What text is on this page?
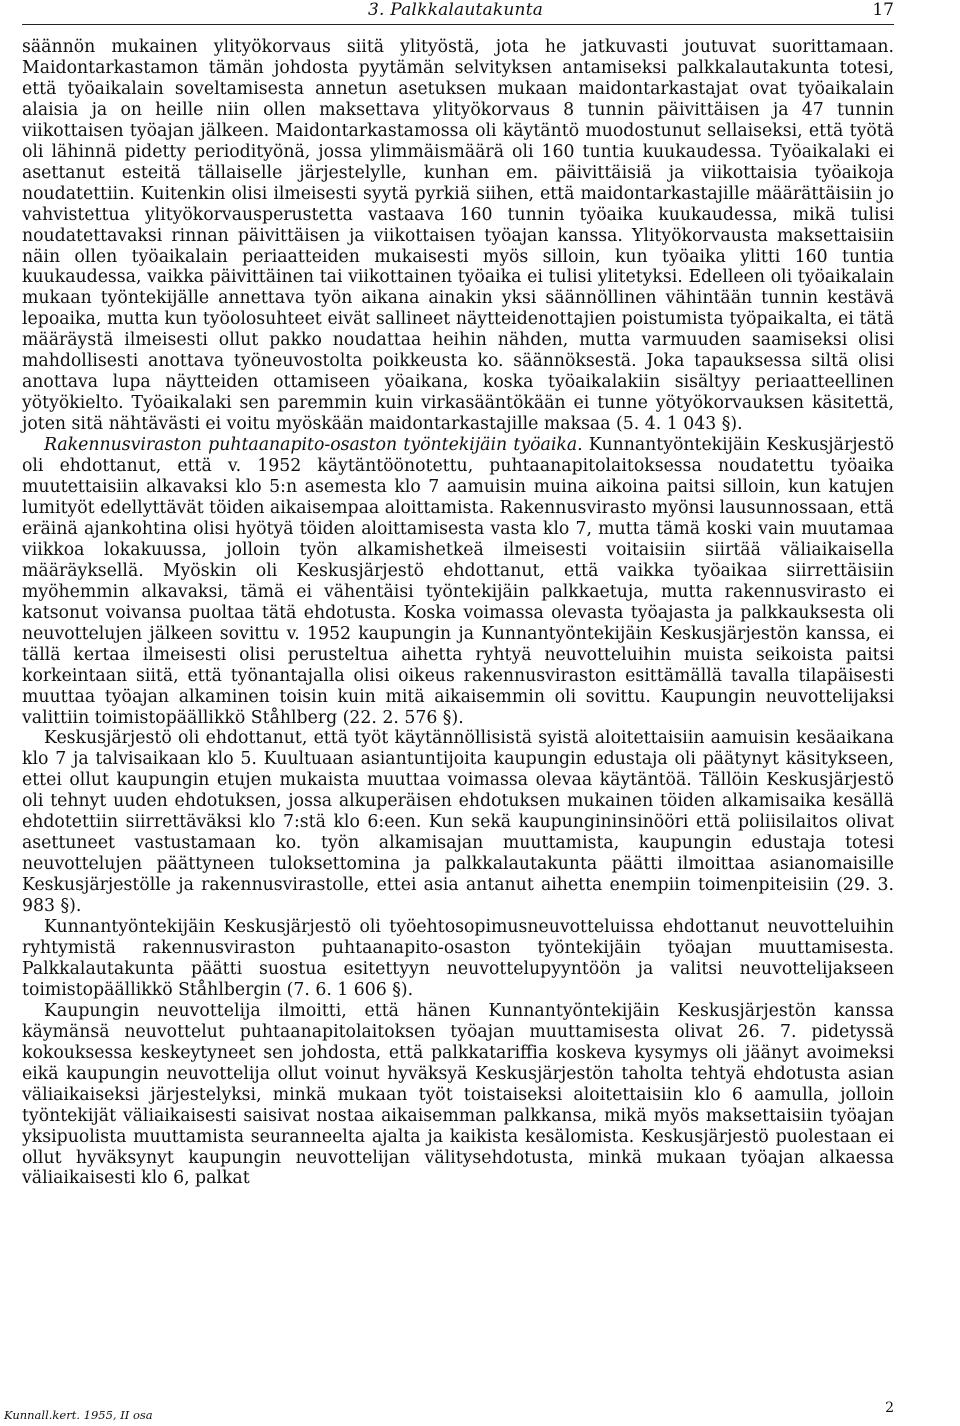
3. Palkkalautakunta	17

säännön mukainen ylityökorvaus siitä ylityöstä, jota he jatkuvasti joutuvat suorittamaan. Maidontarkastamon tämän johdosta pyytämän selvityksen antamiseksi palkkalautakunta totesi, että työaikalain soveltamisesta annetun asetuksen mukaan maidontarkastajat ovat työaikalain alaisia ja on heille niin ollen maksettava ylityökorvaus 8 tunnin päivittäisen ja 47 tunnin viikottaisen työajan jälkeen. Maidontarkastamossa oli käytäntö muodostunut sellaiseksi, että työtä oli lähinnä pidetty periodityönä, jossa ylimmäismäärä oli 160 tuntia kuukaudessa. Työaikalaki ei asettanut esteitä tällaiselle järjestelylle, kunhan em. päivittäisiä ja viikottaisia työaikoja noudatettiin. Kuitenkin olisi ilmeisesti syytä pyrkiä siihen, että maidontarkastajille määrättäisiin jo vahvistettua ylityökorvausperustetta vastaava 160 tunnin työaika kuukaudessa, mikä tulisi noudatettavaksi rinnan päivittäisen ja viikottaisen työajan kanssa. Ylityökorvausta maksettaisiin näin ollen työaikalain periaatteiden mukaisesti myös silloin, kun työaika ylitti 160 tuntia kuukaudessa, vaikka päivittäinen tai viikottainen työaika ei tulisi ylitetyksi. Edelleen oli työaikalain mukaan työntekijälle annettava työn aikana ainakin yksi säännöllinen vähintään tunnin kestävä lepoaika, mutta kun työolosuhteet eivät sallineet näytteidenottajien poistumista työpaikalta, ei tätä määräystä ilmeisesti ollut pakko noudattaa heihin nähden, mutta varmuuden saamiseksi olisi mahdollisesti anottava työneuvostolta poikkeusta ko. säännöksestä. Joka tapauksessa siltä olisi anottava lupa näytteiden ottamiseen yöaikana, koska työaikalakiin sisältyy periaatteellinen yötyökielto. Työaikalaki sen paremmin kuin virkasääntökään ei tunne yötyökorvauksen käsitettä, joten sitä nähtävästi ei voitu myöskään maidontarkastajille maksaa (5. 4. 1 043 §).

Rakennusviraston puhtaanapito-osaston työntekijäin työaika. Kunnantyöntekijäin Keskusjärjestö oli ehdottanut, että v. 1952 käytäntöönotettu, puhtaanapitolaitoksessa noudatettu työaika muutettaisiin alkavaksi klo 5:n asemesta klo 7 aamuisin muina aikoina paitsi silloin, kun katujen lumityöt edellyttävät töiden aikaisempaa aloittamista. Rakennusvirasto myönsi lausunnossaan, että eräinä ajankohtina olisi hyötyä töiden aloittamisesta vasta klo 7, mutta tämä koski vain muutamaa viikkoa lokakuussa, jolloin työn alkamishetkeä ilmeisesti voitaisiin siirtää väliaikaisella määräyksellä. Myöskin oli Keskusjärjestö ehdottanut, että vaikka työaikaa siirrettäisiin myöhemmin alkavaksi, tämä ei vähentäisi työntekijäin palkkaetuja, mutta rakennusvirasto ei katsonut voivansa puoltaa tätä ehdotusta. Koska voimassa olevasta työajasta ja palkkauksesta oli neuvottelujen jälkeen sovittu v. 1952 kaupungin ja Kunnantyöntekijäin Keskusjärjestön kanssa, ei tällä kertaa ilmeisesti olisi perusteltua aihetta ryhtyä neuvotteluihin muista seikoista paitsi korkeintaan siitä, että työnantajalla olisi oikeus rakennusviraston esittämällä tavalla tilapäisesti muuttaa työajan alkaminen toisin kuin mitä aikaisemmin oli sovittu. Kaupungin neuvottelijaksi valittiin toimistopäällikkö Ståhlberg (22. 2. 576 §).

Keskusjärjestö oli ehdottanut, että työt käytännöllisistä syistä aloitettaisiin aamuisin kesäaikana klo 7 ja talvisaikaan klo 5. Kuultuaan asiantuntijoita kaupungin edustaja oli päätynyt käsitykseen, ettei ollut kaupungin etujen mukaista muuttaa voimassa olevaa käytäntöä. Tällöin Keskusjärjestö oli tehnyt uuden ehdotuksen, jossa alkuperäisen ehdotuksen mukainen töiden alkamisaika kesällä ehdotettiin siirrettäväksi klo 7:stä klo 6:een. Kun sekä kaupungininsinööri että poliisilaitos olivat asettuneet vastustamaan ko. työn alkamisajan muuttamista, kaupungin edustaja totesi neuvottelujen päättyneen tuloksettomina ja palkkalautakunta päätti ilmoittaa asianomaisille Keskusjärjestölle ja rakennusvirastolle, ettei asia antanut aihetta enempiin toimenpiteisiin (29. 3. 983 §).

Kunnantyöntekijäin Keskusjärjestö oli työehtosopimusneuvotteluissa ehdottanut neuvotteluihin ryhtymistä rakennusviraston puhtaanapito-osaston työntekijäin työajan muuttamisesta. Palkkalautakunta päätti suostua esitettyyn neuvottelupyyntöön ja valitsi neuvottelijakseen toimistopäällikkö Ståhlbergin (7. 6. 1 606 §).

Kaupungin neuvottelija ilmoitti, että hänen Kunnantyöntekijäin Keskusjärjestön kanssa käymänsä neuvottelut puhtaanapitolaitoksen työajan muuttamisesta olivat 26. 7. pidetyssä kokouksessa keskeytyneet sen johdosta, että palkkatariffia koskeva kysymys oli jäänyt avoimeksi eikä kaupungin neuvottelija ollut voinut hyväksyä Keskusjärjestön taholta tehtyä ehdotusta asian väliaikaiseksi järjestelyksi, minkä mukaan työt toistaiseksi aloitettaisiin klo 6 aamulla, jolloin työntekijät väliaikaisesti saisivat nostaa aikaisemman palkkansa, mikä myös maksettaisiin työajan yksipuolista muuttamista seuranneelta ajalta ja kaikista kesälomista. Keskusjärjestö puolestaan ei ollut hyväksynyt kaupungin neuvottelijan välitysehdotusta, minkä mukaan työajan alkaessa väliaikaisesti klo 6, palkat

Kunnall.kert. 1955, II osa	2
